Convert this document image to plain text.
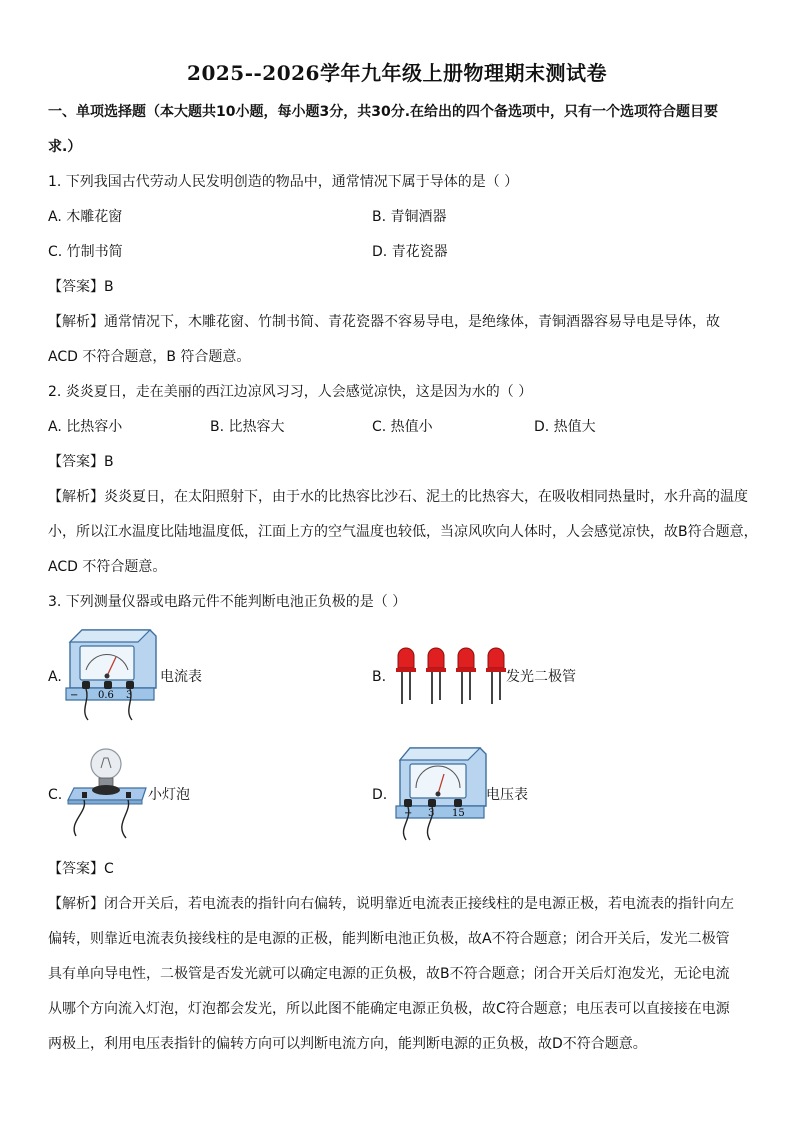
2025--2026学年九年级上册物理期末测试卷
一、单项选择题（本大题共10小题，每小题3分，共30分.在给出的四个备选项中，只有一个选项符合题目要
求.）
1. 下列我国古代劳动人民发明创造的物品中，通常情况下属于导体的是（ ）
A. 木雕花窗	B. 青铜酒器
C. 竹制书简	D. 青花瓷器
【答案】B
【解析】通常情况下，木雕花窗、竹制书简、青花瓷器不容易导电，是绝缘体，青铜酒器容易导电是导体，故
ACD 不符合题意，B 符合题意。
2. 炎炎夏日，走在美丽的西江边凉风习习，人会感觉凉快，这是因为水的（ ）
A. 比热容小	B. 比热容大	C. 热值小	D. 热值大
【答案】B
【解析】炎炎夏日，在太阳照射下，由于水的比热容比沙石、泥土的比热容大，在吸收相同热量时，水升高的温度
小，所以江水温度比陆地温度低，江面上方的空气温度也较低，当凉风吹向人体时，人会感觉凉快，故B符合题意，
ACD 不符合题意。
3. 下列测量仪器或电路元件不能判断电池正负极的是（ ）
A.
− 0.6 3
电流表	B.	发光二极管
C.	小灯泡	D.
− 3 15
电压表
【答案】C
【解析】闭合开关后，若电流表的指针向右偏转，说明靠近电流表正接线柱的是电源正极，若电流表的指针向左
偏转，则靠近电流表负接线柱的是电源的正极，能判断电池正负极，故A不符合题意；闭合开关后，发光二极管
具有单向导电性，二极管是否发光就可以确定电源的正负极，故B不符合题意；闭合开关后灯泡发光，无论电流
从哪个方向流入灯泡，灯泡都会发光，所以此图不能确定电源正负极，故C符合题意；电压表可以直接接在电源
两极上，利用电压表指针的偏转方向可以判断电流方向，能判断电源的正负极，故D不符合题意。
